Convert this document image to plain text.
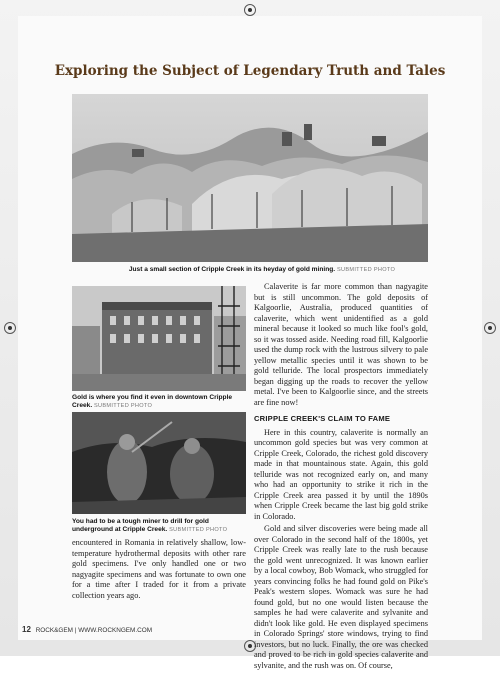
Exploring the Subject of Legendary Truth and Tales
Just a small section of Cripple Creek in its heyday of gold mining. SUBMITTED PHOTO
Gold is where you find it even in downtown Cripple Creek. SUBMITTED PHOTO
You had to be a tough miner to drill for gold underground at Cripple Creek. SUBMITTED PHOTO

encountered in Romania in relatively shallow, low-temperature hydrothermal deposits with other rare gold specimens. I've only handled one or two nagyagite specimens and was fortunate to own one for a time after I traded for it from a private collection years ago.

Calaverite is far more common than nagyagite but is still uncommon. The gold deposits of Kalgoorlie, Australia, produced quantities of calaverite, which went unidentified as a gold mineral because it looked so much like fool's gold, so it was tossed aside. Needing road fill, Kalgoorlie used the dump rock with the lustrous silvery to pale yellow metallic species until it was shown to be gold telluride. The local prospectors immediately began digging up the roads to recover the yellow metal. I've been to Kalgoorlie since, and the streets are fine now!

CRIPPLE CREEK'S CLAIM TO FAME

Here in this country, calaverite is normally an uncommon gold species but was very common at Cripple Creek, Colorado, the richest gold discovery made in that mountainous state. Again, this gold telluride was not recognized early on, and many who had an opportunity to strike it rich in the Cripple Creek area passed it by until the 1890s when Cripple Creek became the last big gold strike in Colorado.

Gold and silver discoveries were being made all over Colorado in the second half of the 1800s, yet Cripple Creek was really late to the rush because the gold went unrecognized. It was known earlier by a local cowboy, Bob Womack, who struggled for years convincing folks he had found gold on Pike's Peak's western slopes. Womack was sure he had found gold, but no one would listen because the samples he had were calaverite and sylvanite and didn't look like gold. He even displayed specimens in Colorado Springs' store windows, trying to find investors, but no luck. Finally, the ore was checked and proved to be rich in gold species calaverite and sylvanite, and the rush was on. Of course,

12 ROCK&GEM | WWW.ROCKNGEM.COM
